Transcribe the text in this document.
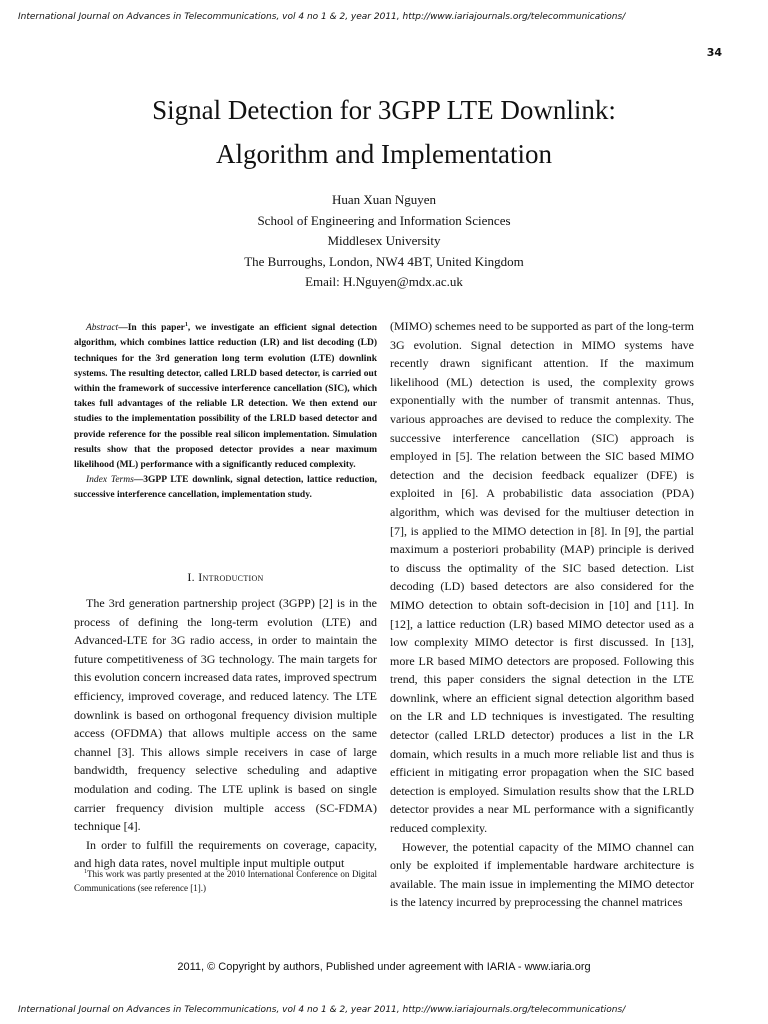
International Journal on Advances in Telecommunications, vol 4 no 1 & 2, year 2011, http://www.iariajournals.org/telecommunications/
34
Signal Detection for 3GPP LTE Downlink:
Algorithm and Implementation
Huan Xuan Nguyen
School of Engineering and Information Sciences
Middlesex University
The Burroughs, London, NW4 4BT, United Kingdom
Email: H.Nguyen@mdx.ac.uk

Abstract—In this paper$^1$, we investigate an efficient signal detection algorithm, which combines lattice reduction (LR) and list decoding (LD) techniques for the 3rd generation long term evolution (LTE) downlink systems. The resulting detector, called LRLD based detector, is carried out within the framework of successive interference cancellation (SIC), which takes full advantages of the reliable LR detection. We then extend our studies to the implementation possibility of the LRLD based detector and provide reference for the possible real silicon implementation. Simulation results show that the proposed detector provides a near maximum likelihood (ML) performance with a significantly reduced complexity.

Index Terms—3GPP LTE downlink, signal detection, lattice reduction, successive interference cancellation, implementation study.

I. Introduction

The 3rd generation partnership project (3GPP) [2] is in the process of defining the long-term evolution (LTE) and Advanced-LTE for 3G radio access, in order to maintain the future competitiveness of 3G technology. The main targets for this evolution concern increased data rates, improved spectrum efficiency, improved coverage, and reduced latency. The LTE downlink is based on orthogonal frequency division multiple access (OFDMA) that allows multiple access on the same channel [3]. This allows simple receivers in case of large bandwidth, frequency selective scheduling and adaptive modulation and coding. The LTE uplink is based on single carrier frequency division multiple access (SC-FDMA) technique [4].

In order to fulfill the requirements on coverage, capacity, and high data rates, novel multiple input multiple output

$^1$This work was partly presented at the 2010 International Conference on Digital Communications (see reference [1].)

(MIMO) schemes need to be supported as part of the long-term 3G evolution. Signal detection in MIMO systems have recently drawn significant attention. If the maximum likelihood (ML) detection is used, the complexity grows exponentially with the number of transmit antennas. Thus, various approaches are devised to reduce the complexity. The successive interference cancellation (SIC) approach is employed in [5]. The relation between the SIC based MIMO detection and the decision feedback equalizer (DFE) is exploited in [6]. A probabilistic data association (PDA) algorithm, which was devised for the multiuser detection in [7], is applied to the MIMO detection in [8]. In [9], the partial maximum a posteriori probability (MAP) principle is derived to discuss the optimality of the SIC based detection. List decoding (LD) based detectors are also considered for the MIMO detection to obtain soft-decision in [10] and [11]. In [12], a lattice reduction (LR) based MIMO detector used as a low complexity MIMO detector is first discussed. In [13], more LR based MIMO detectors are proposed. Following this trend, this paper considers the signal detection in the LTE downlink, where an efficient signal detection algorithm based on the LR and LD techniques is investigated. The resulting detector (called LRLD detector) produces a list in the LR domain, which results in a much more reliable list and thus is efficient in mitigating error propagation when the SIC based detection is employed. Simulation results show that the LRLD detector provides a near ML performance with a significantly reduced complexity.

However, the potential capacity of the MIMO channel can only be exploited if implementable hardware architecture is available. The main issue in implementing the MIMO detector is the latency incurred by preprocessing the channel matrices

2011, © Copyright by authors, Published under agreement with IARIA - www.iaria.org
International Journal on Advances in Telecommunications, vol 4 no 1 & 2, year 2011, http://www.iariajournals.org/telecommunications/
